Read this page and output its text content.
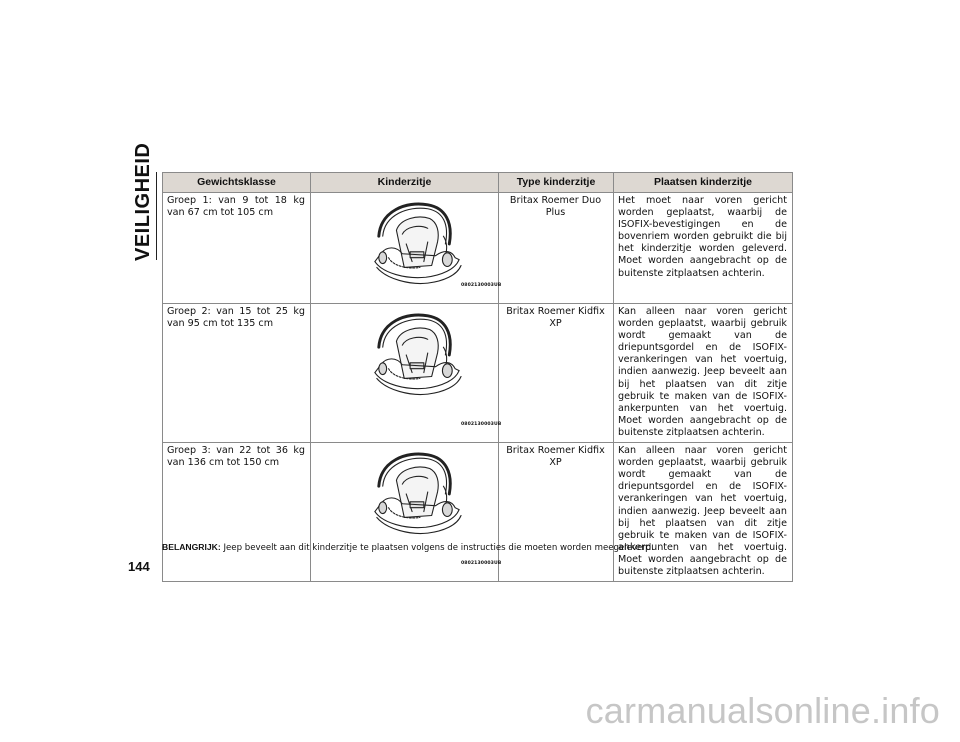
VEILIGHEID	Gewichtsklasse	Kinderzitje	Type kinderzitje	Plaatsen kinderzitje
Groep 1: van 9 tot 18 kg van 67 cm tot 105 cm	0802130003UB	Britax Roemer Duo Plus	Het moet naar voren gericht worden geplaatst, waarbij de ISOFIX-bevestigingen en de bovenriem worden gebruikt die bij het kinderzitje worden geleverd. Moet worden aangebracht op de buitenste zitplaatsen achterin.
Groep 2: van 15 tot 25 kg van 95 cm tot 135 cm	0802130003UB	Britax Roemer Kidfix XP	Kan alleen naar voren gericht worden geplaatst, waarbij gebruik wordt gemaakt van de driepuntsgordel en de ISOFIX-verankeringen van het voertuig, indien aanwezig. Jeep beveelt aan bij het plaatsen van dit zitje gebruik te maken van de ISOFIX-ankerpunten van het voertuig. Moet worden aangebracht op de buitenste zitplaatsen achterin.
Groep 3: van 22 tot 36 kg van 136 cm tot 150 cm	0802130003UB	Britax Roemer Kidfix XP	Kan alleen naar voren gericht worden geplaatst, waarbij gebruik wordt gemaakt van de driepuntsgordel en de ISOFIX-verankeringen van het voertuig, indien aanwezig. Jeep beveelt aan bij het plaatsen van dit zitje gebruik te maken van de ISOFIX-ankerpunten van het voertuig. Moet worden aangebracht op de buitenste zitplaatsen achterin.
BELANGRIJK: Jeep beveelt aan dit kinderzitje te plaatsen volgens de instructies die moeten worden meegeleverd.
144
carmanualsonline.info
